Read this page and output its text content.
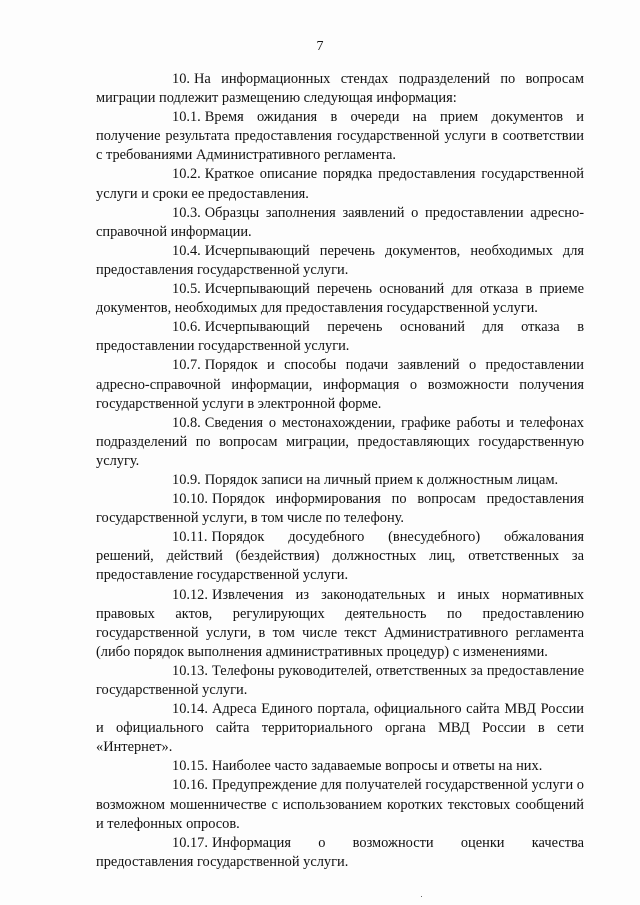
7

10. На информационных стендах подразделений по вопросам миграции подлежит размещению следующая информация:

10.1. Время ожидания в очереди на прием документов и получение результата предоставления государственной услуги в соответствии с требованиями Административного регламента.

10.2. Краткое описание порядка предоставления государственной услуги и сроки ее предоставления.

10.3. Образцы заполнения заявлений о предоставлении адресно-справочной информации.

10.4. Исчерпывающий перечень документов, необходимых для предоставления государственной услуги.

10.5. Исчерпывающий перечень оснований для отказа в приеме документов, необходимых для предоставления государственной услуги.

10.6. Исчерпывающий перечень оснований для отказа в предоставлении государственной услуги.

10.7. Порядок и способы подачи заявлений о предоставлении адресно-справочной информации, информация о возможности получения государственной услуги в электронной форме.

10.8. Сведения о местонахождении, графике работы и телефонах подразделений по вопросам миграции, предоставляющих государственную услугу.

10.9. Порядок записи на личный прием к должностным лицам.

10.10. Порядок информирования по вопросам предоставления государственной услуги, в том числе по телефону.

10.11. Порядок досудебного (внесудебного) обжалования решений, действий (бездействия) должностных лиц, ответственных за предоставление государственной услуги.

10.12. Извлечения из законодательных и иных нормативных правовых актов, регулирующих деятельность по предоставлению государственной услуги, в том числе текст Административного регламента (либо порядок выполнения административных процедур) с изменениями.

10.13. Телефоны руководителей, ответственных за предоставление государственной услуги.

10.14. Адреса Единого портала, официального сайта МВД России и официального сайта территориального органа МВД России в сети «Интернет».

10.15. Наиболее часто задаваемые вопросы и ответы на них.

10.16. Предупреждение для получателей государственной услуги о возможном мошенничестве с использованием коротких текстовых сообщений и телефонных опросов.

10.17. Информация о возможности оценки качества предоставления государственной услуги.
